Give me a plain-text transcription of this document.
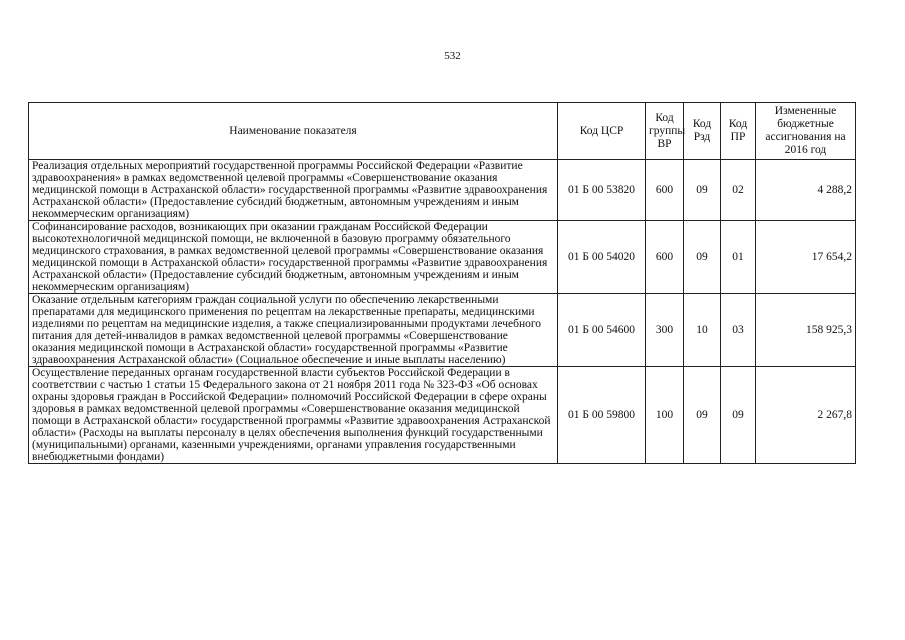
532
Наименование показателя	Код ЦСР	Код группы ВР	Код Рзд	Код ПР	Измененные бюджетные ассигнования на 2016 год
Реализация отдельных мероприятий государственной программы Российской Федерации «Развитие здравоохранения» в рамках ведомственной целевой программы «Совершенствование оказания медицинской помощи в Астраханской области» государственной программы «Развитие здравоохранения Астраханской области» (Предоставление субсидий бюджетным, автономным учреждениям и иным некоммерческим организациям)	01 Б 00 53820	600	09	02	4 288,2
Софинансирование расходов, возникающих при оказании гражданам Российской Федерации высокотехнологичной медицинской помощи, не включенной в базовую программу обязательного медицинского страхования, в рамках ведомственной целевой программы «Совершенствование оказания медицинской помощи в Астраханской области» государственной программы «Развитие здравоохранения Астраханской области» (Предоставление субсидий бюджетным, автономным учреждениям и иным некоммерческим организациям)	01 Б 00 54020	600	09	01	17 654,2
Оказание отдельным категориям граждан социальной услуги по обеспечению лекарственными препаратами для медицинского применения по рецептам на лекарственные препараты, медицинскими изделиями по рецептам на медицинские изделия, а также специализированными продуктами лечебного питания для детей-инвалидов в рамках ведомственной целевой программы «Совершенствование оказания медицинской помощи в Астраханской области» государственной программы «Развитие здравоохранения Астраханской области» (Социальное обеспечение и иные выплаты населению)	01 Б 00 54600	300	10	03	158 925,3
Осуществление переданных органам государственной власти субъектов Российской Федерации в соответствии с частью 1 статьи 15 Федерального закона от 21 ноября 2011 года № 323-ФЗ «Об основах охраны здоровья граждан в Российской Федерации» полномочий Российской Федерации в сфере охраны здоровья в рамках ведомственной целевой программы «Совершенствование оказания медицинской помощи в Астраханской области» государственной программы «Развитие здравоохранения Астраханской области» (Расходы на выплаты персоналу в целях обеспечения выполнения функций государственными (муниципальными) органами, казенными учреждениями, органами управления государственными внебюджетными фондами)	01 Б 00 59800	100	09	09	2 267,8
